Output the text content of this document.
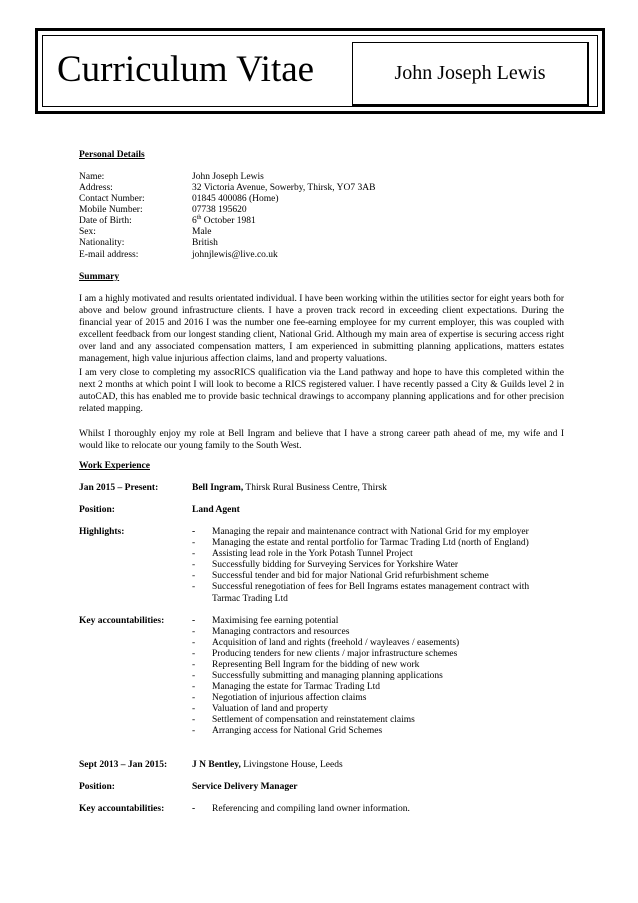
Curriculum Vitae	John Joseph Lewis
Personal Details
Name:	John Joseph Lewis
Address:	32 Victoria Avenue, Sowerby, Thirsk, YO7 3AB
Contact Number:	01845 400086 (Home)
Mobile Number:	07738 195620
Date of Birth:	6th October 1981
Sex:	Male
Nationality:	British
E-mail address:	johnjlewis@live.co.uk
Summary
I am a highly motivated and results orientated individual. I have been working within the utilities sector for eight years both for above and below ground infrastructure clients. I have a proven track record in exceeding client expectations. During the financial year of 2015 and 2016 I was the number one fee-earning employee for my current employer, this was coupled with excellent feedback from our longest standing client, National Grid. Although my main area of expertise is securing access right over land and any associated compensation matters, I am experienced in submitting planning applications, matters estates management, high value injurious affection claims, land and property valuations.
I am very close to completing my assocRICS qualification via the Land pathway and hope to have this completed within the next 2 months at which point I will look to become a RICS registered valuer. I have recently passed a City & Guilds level 2 in autoCAD, this has enabled me to provide basic technical drawings to accompany planning applications and for other precision related mapping.
Whilst I thoroughly enjoy my role at Bell Ingram and believe that I have a strong career path ahead of me, my wife and I would like to relocate our young family to the South West.
Work Experience
Jan 2015 – Present:	Bell Ingram, Thirsk Rural Business Centre, Thirsk
Position:	Land Agent
Highlights:	- Managing the repair and maintenance contract with National Grid for my employer
- Managing the estate and rental portfolio for Tarmac Trading Ltd (north of England)
- Assisting lead role in the York Potash Tunnel Project
- Successfully bidding for Surveying Services for Yorkshire Water
- Successful tender and bid for major National Grid refurbishment scheme
- Successful renegotiation of fees for Bell Ingrams estates management contract with
Tarmac Trading Ltd
Key accountabilities:	- Maximising fee earning potential
- Managing contractors and resources
- Acquisition of land and rights (freehold / wayleaves / easements)
- Producing tenders for new clients / major infrastructure schemes
- Representing Bell Ingram for the bidding of new work
- Successfully submitting and managing planning applications
- Managing the estate for Tarmac Trading Ltd
- Negotiation of injurious affection claims
- Valuation of land and property
- Settlement of compensation and reinstatement claims
- Arranging access for National Grid Schemes
Sept 2013 – Jan 2015:	J N Bentley, Livingstone House, Leeds
Position:	Service Delivery Manager
Key accountabilities:	- Referencing and compiling land owner information.
